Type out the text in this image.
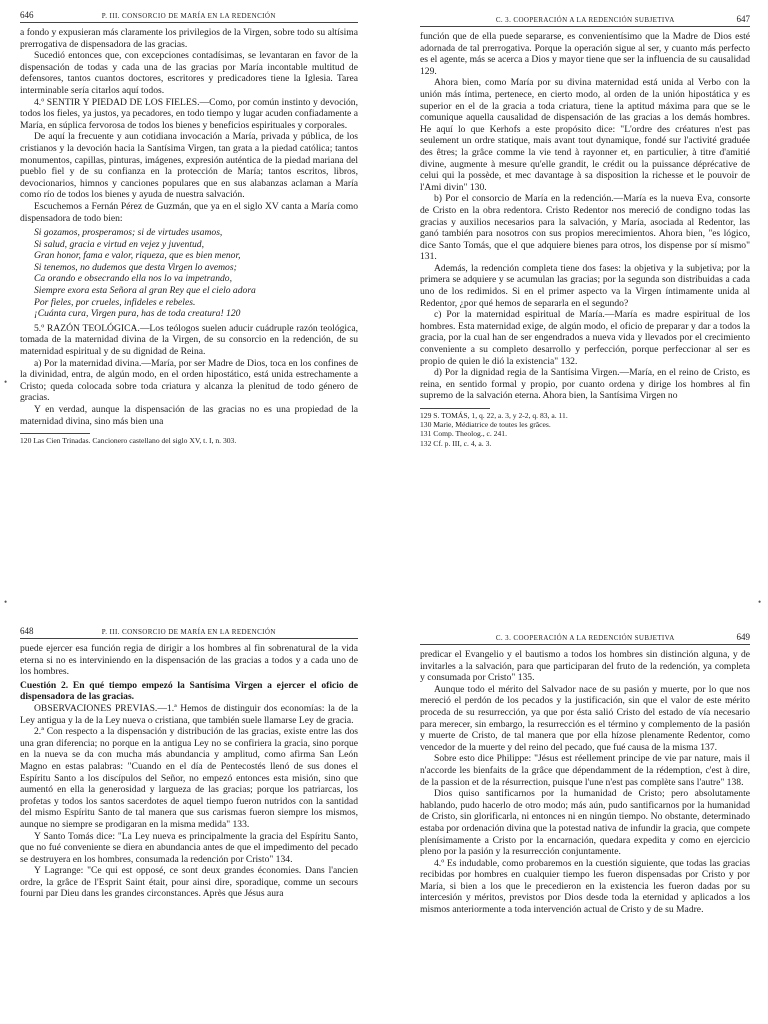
646	P. III. CONSORCIO DE MARÍA EN LA REDENCIÓN

a fondo y expusieran más claramente los privilegios de la Virgen, sobre todo su altísima prerrogativa de dispensadora de las gracias.

Sucedió entonces que, con excepciones contadísimas, se levantaran en favor de la dispensación de todas y cada una de las gracias por María incontable multitud de defensores, tantos cuantos doctores, escritores y predicadores tiene la Iglesia. Tarea interminable sería citarlos aquí todos.

4.º SENTIR Y PIEDAD DE LOS FIELES.—Como, por común instinto y devoción, todos los fieles, ya justos, ya pecadores, en todo tiempo y lugar acuden confiadamente a María, en súplica fervorosa de todos los bienes y beneficios espirituales y corporales.

De aquí la frecuente y aun cotidiana invocación a María, privada y pública, de los cristianos y la devoción hacia la Santísima Virgen, tan grata a la piedad católica; tantos monumentos, capillas, pinturas, imágenes, expresión auténtica de la piedad mariana del pueblo fiel y de su confianza en la protección de María; tantos escritos, libros, devocionarios, himnos y canciones populares que en sus alabanzas aclaman a María como río de todos los bienes y ayuda de nuestra salvación.

Escuchemos a Fernán Pérez de Guzmán, que ya en el siglo XV canta a María como dispensadora de todo bien:

Si gozamos, prosperamos; si de virtudes usamos,
Si salud, gracia e virtud en vejez y juventud,
Gran honor, fama e valor, riqueza, que es bien menor,
Si tenemos, no dudemos que desta Virgen lo avemos;
Ca orando e obsecrando ella nos lo va impetrando,
Siempre exora esta Señora al gran Rey que el cielo adora
Por fieles, por crueles, infideles e rebeles.
¡Cuánta cura, Virgen pura, has de toda creatura! 120

5.º RAZÓN TEOLÓGICA.—Los teólogos suelen aducir cuádruple razón teológica, tomada de la maternidad divina de la Virgen, de su consorcio en la redención, de su maternidad espiritual y de su dignidad de Reina.

a) Por la maternidad divina.—María, por ser Madre de Dios, toca en los confines de la divinidad, entra, de algún modo, en el orden hipostático, está unida estrechamente a Cristo; queda colocada sobre toda criatura y alcanza la plenitud de todo género de gracias.

Y en verdad, aunque la dispensación de las gracias no es una propiedad de la maternidad divina, sino más bien una

120 Las Cien Trinadas. Cancionero castellano del siglo XV, t. I, n. 303.
C. 3. COOPERACIÓN A LA REDENCIÓN SUBJETIVA	647

función que de ella puede separarse, es convenientísimo que la Madre de Dios esté adornada de tal prerrogativa. Porque la operación sigue al ser, y cuanto más perfecto es el agente, más se acerca a Dios y mayor tiene que ser la influencia de su causalidad 129.

Ahora bien, como María por su divina maternidad está unida al Verbo con la unión más íntima, pertenece, en cierto modo, al orden de la unión hipostática y es superior en el de la gracia a toda criatura, tiene la aptitud máxima para que se le comunique aquella causalidad de dispensación de las gracias a los demás hombres. He aquí lo que Kerhofs a este propósito dice: "L'ordre des créatures n'est pas seulement un ordre statique, mais avant tout dynamique, fondé sur l'activité graduée des êtres; la grâce comme la vie tend à rayonner et, en particulier, à titre d'amitié divine, augmente à mesure qu'elle grandit, le crédit ou la puissance déprécative de celui qui la possède, et mec davantage à sa disposition la richesse et le pouvoir de l'Ami divin" 130.

b) Por el consorcio de María en la redención.—María es la nueva Eva, consorte de Cristo en la obra redentora. Cristo Redentor nos mereció de condigno todas las gracias y auxilios necesarios para la salvación, y María, asociada al Redentor, las ganó también para nosotros con sus propios merecimientos. Ahora bien, "es lógico, dice Santo Tomás, que el que adquiere bienes para otros, los dispense por sí mismo" 131.

Además, la redención completa tiene dos fases: la objetiva y la subjetiva; por la primera se adquiere y se acumulan las gracias; por la segunda son distribuidas a cada uno de los redimidos. Si en el primer aspecto va la Virgen íntimamente unida al Redentor, ¿por qué hemos de separarla en el segundo?

c) Por la maternidad espiritual de María.—María es madre espiritual de los hombres. Esta maternidad exige, de algún modo, el oficio de preparar y dar a todos la gracia, por la cual han de ser engendrados a nueva vida y llevados por el crecimiento conveniente a su completo desarrollo y perfección, porque perfeccionar al ser es propio de quien le dió la existencia" 132.

d) Por la dignidad regia de la Santísima Virgen.—María, en el reino de Cristo, es reina, en sentido formal y propio, por cuanto ordena y dirige los hombres al fin supremo de la salvación eterna. Ahora bien, la Santísima Virgen no

129 S. TOMÁS, 1, q. 22, a. 3, y 2-2, q. 83, a. 11.
130 Marie, Médiatrice de toutes les grâces.
131 Comp. Theolog., c. 241.
132 Cf. p. III, c. 4, a. 3.
648	P. III. CONSORCIO DE MARÍA EN LA REDENCIÓN

puede ejercer esa función regia de dirigir a los hombres al fin sobrenatural de la vida eterna si no es interviniendo en la dispensación de las gracias a todos y a cada uno de los hombres.

Cuestión 2. En qué tiempo empezó la Santísima Virgen a ejercer el oficio de dispensadora de las gracias.

OBSERVACIONES PREVIAS.—1.ª Hemos de distinguir dos economías: la de la Ley antigua y la de la Ley nueva o cristiana, que también suele llamarse Ley de gracia.

2.ª Con respecto a la dispensación y distribución de las gracias, existe entre las dos una gran diferencia; no porque en la antigua Ley no se confiriera la gracia, sino porque en la nueva se da con mucha más abundancia y amplitud, como afirma San León Magno en estas palabras: "Cuando en el día de Pentecostés llenó de sus dones el Espíritu Santo a los discípulos del Señor, no empezó entonces esta misión, sino que aumentó en ella la generosidad y largueza de las gracias; porque los patriarcas, los profetas y todos los santos sacerdotes de aquel tiempo fueron nutridos con la santidad del mismo Espíritu Santo de tal manera que sus carismas fueron siempre los mismos, aunque no siempre se prodigaran en la misma medida" 133.

Y Santo Tomás dice: "La Ley nueva es principalmente la gracia del Espíritu Santo, que no fué conveniente se diera en abundancia antes de que el impedimento del pecado se destruyera en los hombres, consumada la redención por Cristo" 134.

Y Lagrange: "Ce qui est opposé, ce sont deux grandes économies. Dans l'ancien ordre, la grâce de l'Esprit Saint était, pour ainsi dire, sporadique, comme un secours fourni par Dieu dans les grandes circonstances. Après que Jésus aura

C. 3. COOPERACIÓN A LA REDENCIÓN SUBJETIVA	649

predicar el Evangelio y el bautismo a todos los hombres sin distinción alguna, y de invitarles a la salvación, para que participaran del fruto de la redención, ya completa y consumada por Cristo" 135.

Aunque todo el mérito del Salvador nace de su pasión y muerte, por lo que nos mereció el perdón de los pecados y la justificación, sin que el valor de este mérito proceda de su resurrección, ya que por ésta salió Cristo del estado de vía necesario para merecer, sin embargo, la resurrección es el término y complemento de la pasión y muerte de Cristo, de tal manera que por ella hízose plenamente Redentor, como vencedor de la muerte y del reino del pecado, que fué causa de la misma 137.

Sobre esto dice Philippe: "Jésus est réellement principe de vie par nature, mais il n'accorde les bienfaits de la grâce que dépendamment de la rédemption, c'est à dire, de la passion et de la résurrection, puisque l'une n'est pas complète sans l'autre" 138.

Dios quiso santificarnos por la humanidad de Cristo; pero absolutamente hablando, pudo hacerlo de otro modo; más aún, pudo santificarnos por la humanidad de Cristo, sin glorificarla, ni entonces ni en ningún tiempo. No obstante, determinado estaba por ordenación divina que la potestad nativa de infundir la gracia, que compete plenísimamente a Cristo por la encarnación, quedara expedita y como en ejercicio pleno por la pasión y la resurrección conjuntamente.

4.º Es indudable, como probaremos en la cuestión siguiente, que todas las gracias recibidas por hombres en cualquier tiempo les fueron dispensadas por Cristo y por María, si bien a los que le precedieron en la existencia les fueron dadas por su intercesión y méritos, previstos por Dios desde toda la eternidad y aplicados a los mismos anteriormente a toda intervención actual de Cristo y de su Madre.

•
•	•
